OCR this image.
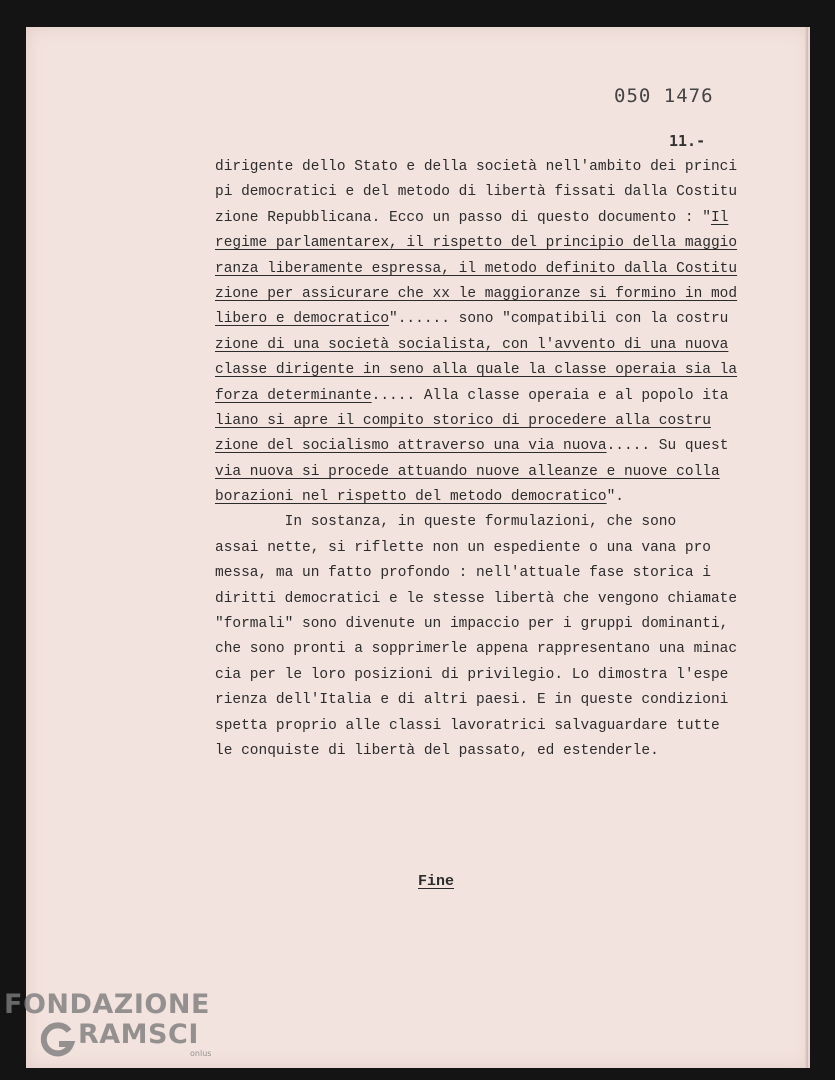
050 1476
11.-
dirigente dello Stato e della società nell'ambito dei princi
pi democratici e del metodo di libertà fissati dalla Costitu
zione Repubblicana. Ecco un passo di questo documento : "Il
regime parlamentarex, il rispetto del principio della maggio
ranza liberamente espressa, il metodo definito dalla Costitu
zione per assicurare che xx le maggioranze si formino in mod
libero e democratico"...... sono "compatibili con la costru
zione di una società socialista, con l'avvento di una nuova
classe dirigente in seno alla quale la classe operaia sia la
forza determinante..... Alla classe operaia e al popolo ita
liano si apre il compito storico di procedere alla costru
zione del socialismo attraverso una via nuova..... Su quest
via nuova si procede attuando nuove alleanze e nuove colla
borazioni nel rispetto del metodo democratico".
In sostanza, in queste formulazioni, che sono
assai nette, si riflette non un espediente o una vana pro
messa, ma un fatto profondo : nell'attuale fase storica i
diritti democratici e le stesse libertà che vengono chiamate
"formali" sono divenute un impaccio per i gruppi dominanti,
che sono pronti a sopprimerle appena rappresentano una minac
cia per le loro posizioni di privilegio. Lo dimostra l'espe
rienza dell'Italia e di altri paesi. E in queste condizioni
spetta proprio alle classi lavoratrici salvaguardare tutte
le conquiste di libertà del passato, ed estenderle.
Fine
FONDAZIONE
RAMSCI
onlus
